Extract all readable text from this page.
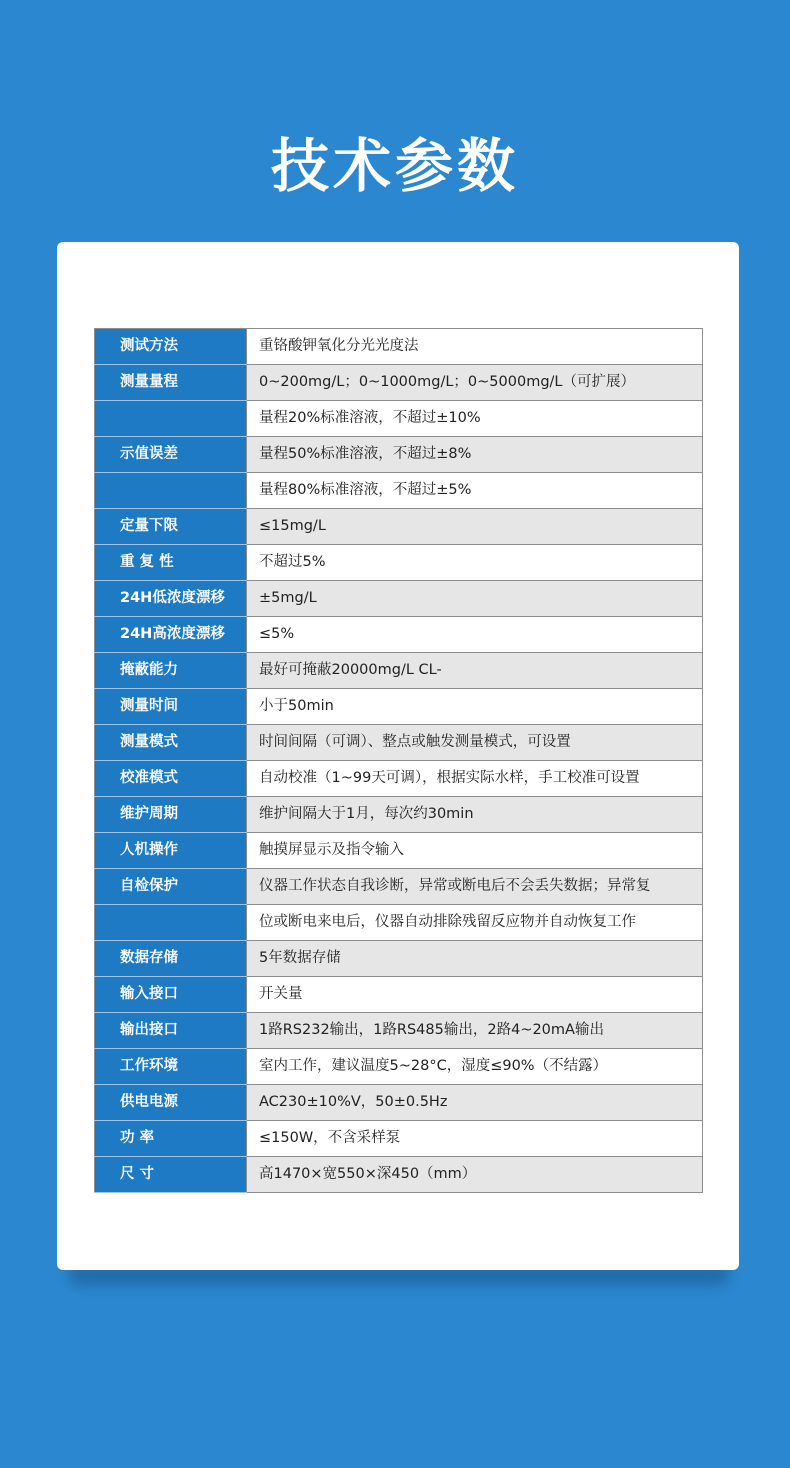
技术参数
测试方法	重铬酸钾氧化分光光度法
测量量程	0~200mg/L；0~1000mg/L；0~5000mg/L（可扩展）
	量程20%标准溶液，不超过±10%
示值误差	量程50%标准溶液，不超过±8%
	量程80%标准溶液，不超过±5%
定量下限	≤15mg/L
重 复 性	不超过5%
24H低浓度漂移	±5mg/L
24H高浓度漂移	≤5%
掩蔽能力	最好可掩蔽20000mg/L CL-
测量时间	小于50min
测量模式	时间间隔（可调）、整点或触发测量模式，可设置
校准模式	自动校准（1~99天可调），根据实际水样，手工校准可设置
维护周期	维护间隔大于1月，每次约30min
人机操作	触摸屏显示及指令输入
自检保护	仪器工作状态自我诊断，异常或断电后不会丢失数据；异常复
	位或断电来电后，仪器自动排除残留反应物并自动恢复工作
数据存储	5年数据存储
输入接口	开关量
输出接口	1路RS232输出，1路RS485输出，2路4~20mA输出
工作环境	室内工作，建议温度5~28°C，湿度≤90%（不结露）
供电电源	AC230±10%V，50±0.5Hz
功 率	≤150W，不含采样泵
尺 寸	高1470×宽550×深450（mm）
